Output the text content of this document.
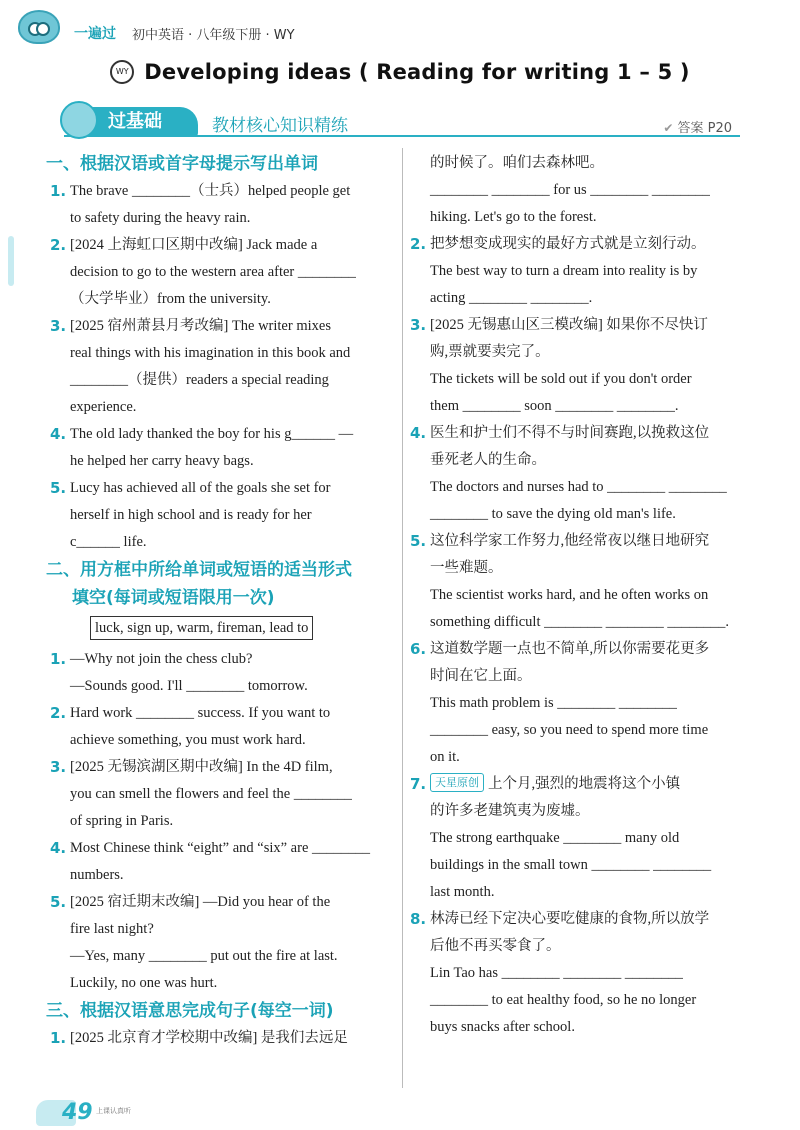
一遍过 初中英语 · 八年级下册 · WY
WY Developing ideas ( Reading for writing 1 – 5 )
过基础	教材核心知识精练	✔ 答案 P20
一、根据汉语或首字母提示写出单词
1. The brave ________（士兵）helped people get
to safety during the heavy rain.
2. [2024 上海虹口区期中改编] Jack made a
decision to go to the western area after ________
（大学毕业）from the university.
3. [2025 宿州萧县月考改编] The writer mixes
real things with his imagination in this book and
________（提供）readers a special reading
experience.
4. The old lady thanked the boy for his g______ —
he helped her carry heavy bags.
5. Lucy has achieved all of the goals she set for
herself in high school and is ready for her
c______ life.
二、用方框中所给单词或短语的适当形式
填空(每词或短语限用一次)
luck, sign up, warm, fireman, lead to
1. —Why not join the chess club?
—Sounds good. I'll ________ tomorrow.
2. Hard work ________ success. If you want to
achieve something, you must work hard.
3. [2025 无锡滨湖区期中改编] In the 4D film,
you can smell the flowers and feel the ________
of spring in Paris.
4. Most Chinese think “eight” and “six” are ________
numbers.
5. [2025 宿迁期末改编] —Did you hear of the
fire last night?
—Yes, many ________ put out the fire at last.
Luckily, no one was hurt.
三、根据汉语意思完成句子(每空一词)
1. [2025 北京育才学校期中改编] 是我们去远足
的时候了。咱们去森林吧。
________ ________ for us ________ ________
hiking. Let's go to the forest.
2. 把梦想变成现实的最好方式就是立刻行动。
The best way to turn a dream into reality is by
acting ________ ________.
3. [2025 无锡惠山区三模改编] 如果你不尽快订
购,票就要卖完了。
The tickets will be sold out if you don't order
them ________ soon ________ ________.
4. 医生和护士们不得不与时间赛跑,以挽救这位
垂死老人的生命。
The doctors and nurses had to ________ ________
________ to save the dying old man's life.
5. 这位科学家工作努力,他经常夜以继日地研究
一些难题。
The scientist works hard, and he often works on
something difficult ________ ________ ________.
6. 这道数学题一点也不简单,所以你需要花更多
时间在它上面。
This math problem is ________ ________
________ easy, so you need to spend more time
on it.
7. 天星原创 上个月,强烈的地震将这个小镇
的许多老建筑夷为废墟。
The strong earthquake ________ many old
buildings in the small town ________ ________
last month.
8. 林涛已经下定决心要吃健康的食物,所以放学
后他不再买零食了。
Lin Tao has ________ ________ ________
________ to eat healthy food, so he no longer
buys snacks after school.
49 上课认真听
